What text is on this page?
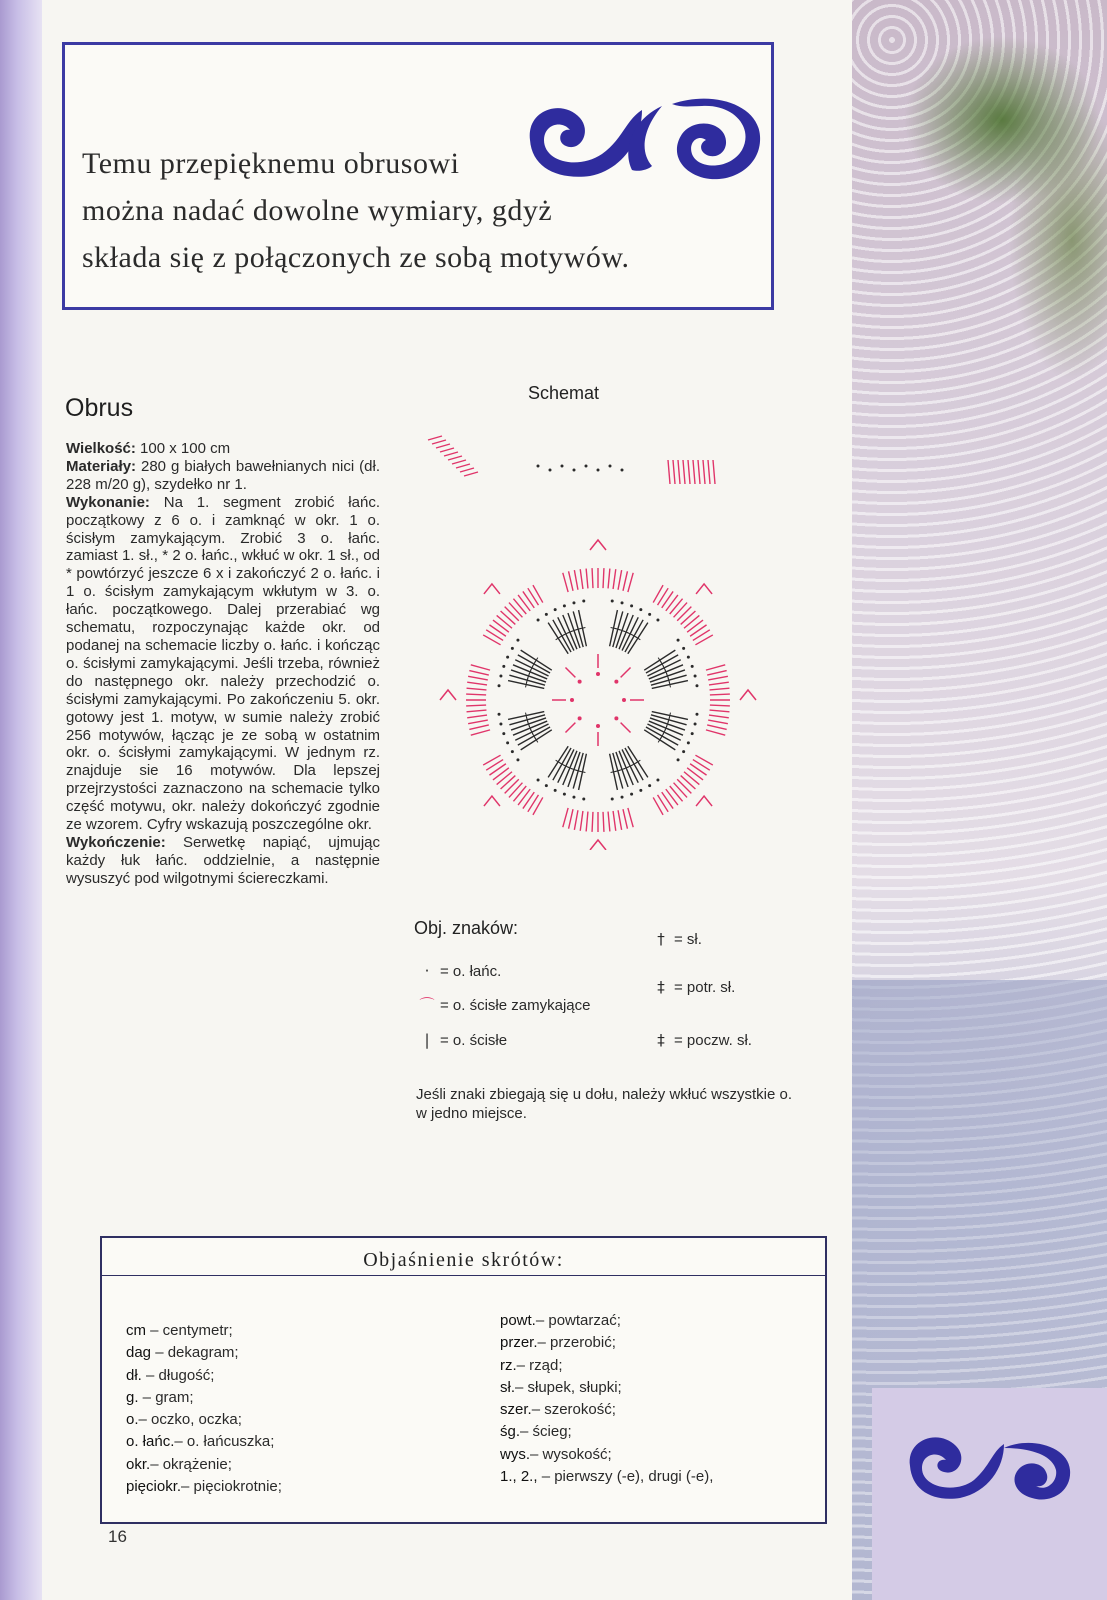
Temu przepięknemu obrusowi
można nadać dowolne wymiary, gdyż
składa się z połączonych ze sobą motywów.
Obrus

Wielkość: 100 x 100 cm

Materiały: 280 g białych bawełnianych nici (dł. 228 m/20 g), szydełko nr 1.

Wykonanie: Na 1. segment zrobić łańc. początkowy z 6 o. i zamknąć w okr. 1 o. ścisłym zamykającym. Zrobić 3 o. łańc. zamiast 1. sł., * 2 o. łańc., wkłuć w okr. 1 sł., od * powtórzyć jeszcze 6 x i zakończyć 2 o. łańc. i 1 o. ścisłym zamykającym wkłutym w 3. o. łańc. początkowego. Dalej przerabiać wg schematu, rozpoczynając każde okr. od podanej na schemacie liczby o. łańc. i kończąc o. ścisłymi zamykającymi. Jeśli trzeba, również do następnego okr. należy przechodzić o. ścisłymi zamykającymi. Po zakończeniu 5. okr. gotowy jest 1. motyw, w sumie należy zrobić 256 motywów, łącząc je ze sobą w ostatnim okr. o. ścisłymi zamykającymi. W jednym rz. znajduje sie 16 motywów. Dla lepszej przejrzystości zaznaczono na schemacie tylko część motywu, okr. należy dokończyć zgodnie ze wzorem. Cyfry wskazują poszczególne okr.

Wykończenie: Serwetkę napiąć, ujmując każdy łuk łańc. oddzielnie, a następnie wysuszyć pod wilgotnymi ściereczkami.

Schemat
Obj. znaków:
· = o. łańc.
⌒ = o. ścisłe zamykające
| = o. ścisłe
† = sł.
‡ = potr. sł.
‡ = poczw. sł.
Jeśli znaki zbiegają się u dołu, należy wkłuć wszystkie o. w jedno miejsce.
Objaśnienie skrótów:
cm – centymetr;
dag – dekagram;
dł. – długość;
g. – gram;
o.– oczko, oczka;
o. łańc.– o. łańcuszka;
okr.– okrążenie;
pięciokr.– pięciokrotnie;
powt.– powtarzać;
przer.– przerobić;
rz.– rząd;
sł.– słupek, słupki;
szer.– szerokość;
śg.– ścieg;
wys.– wysokość;
1., 2., – pierwszy (-e), drugi (-e),
16
